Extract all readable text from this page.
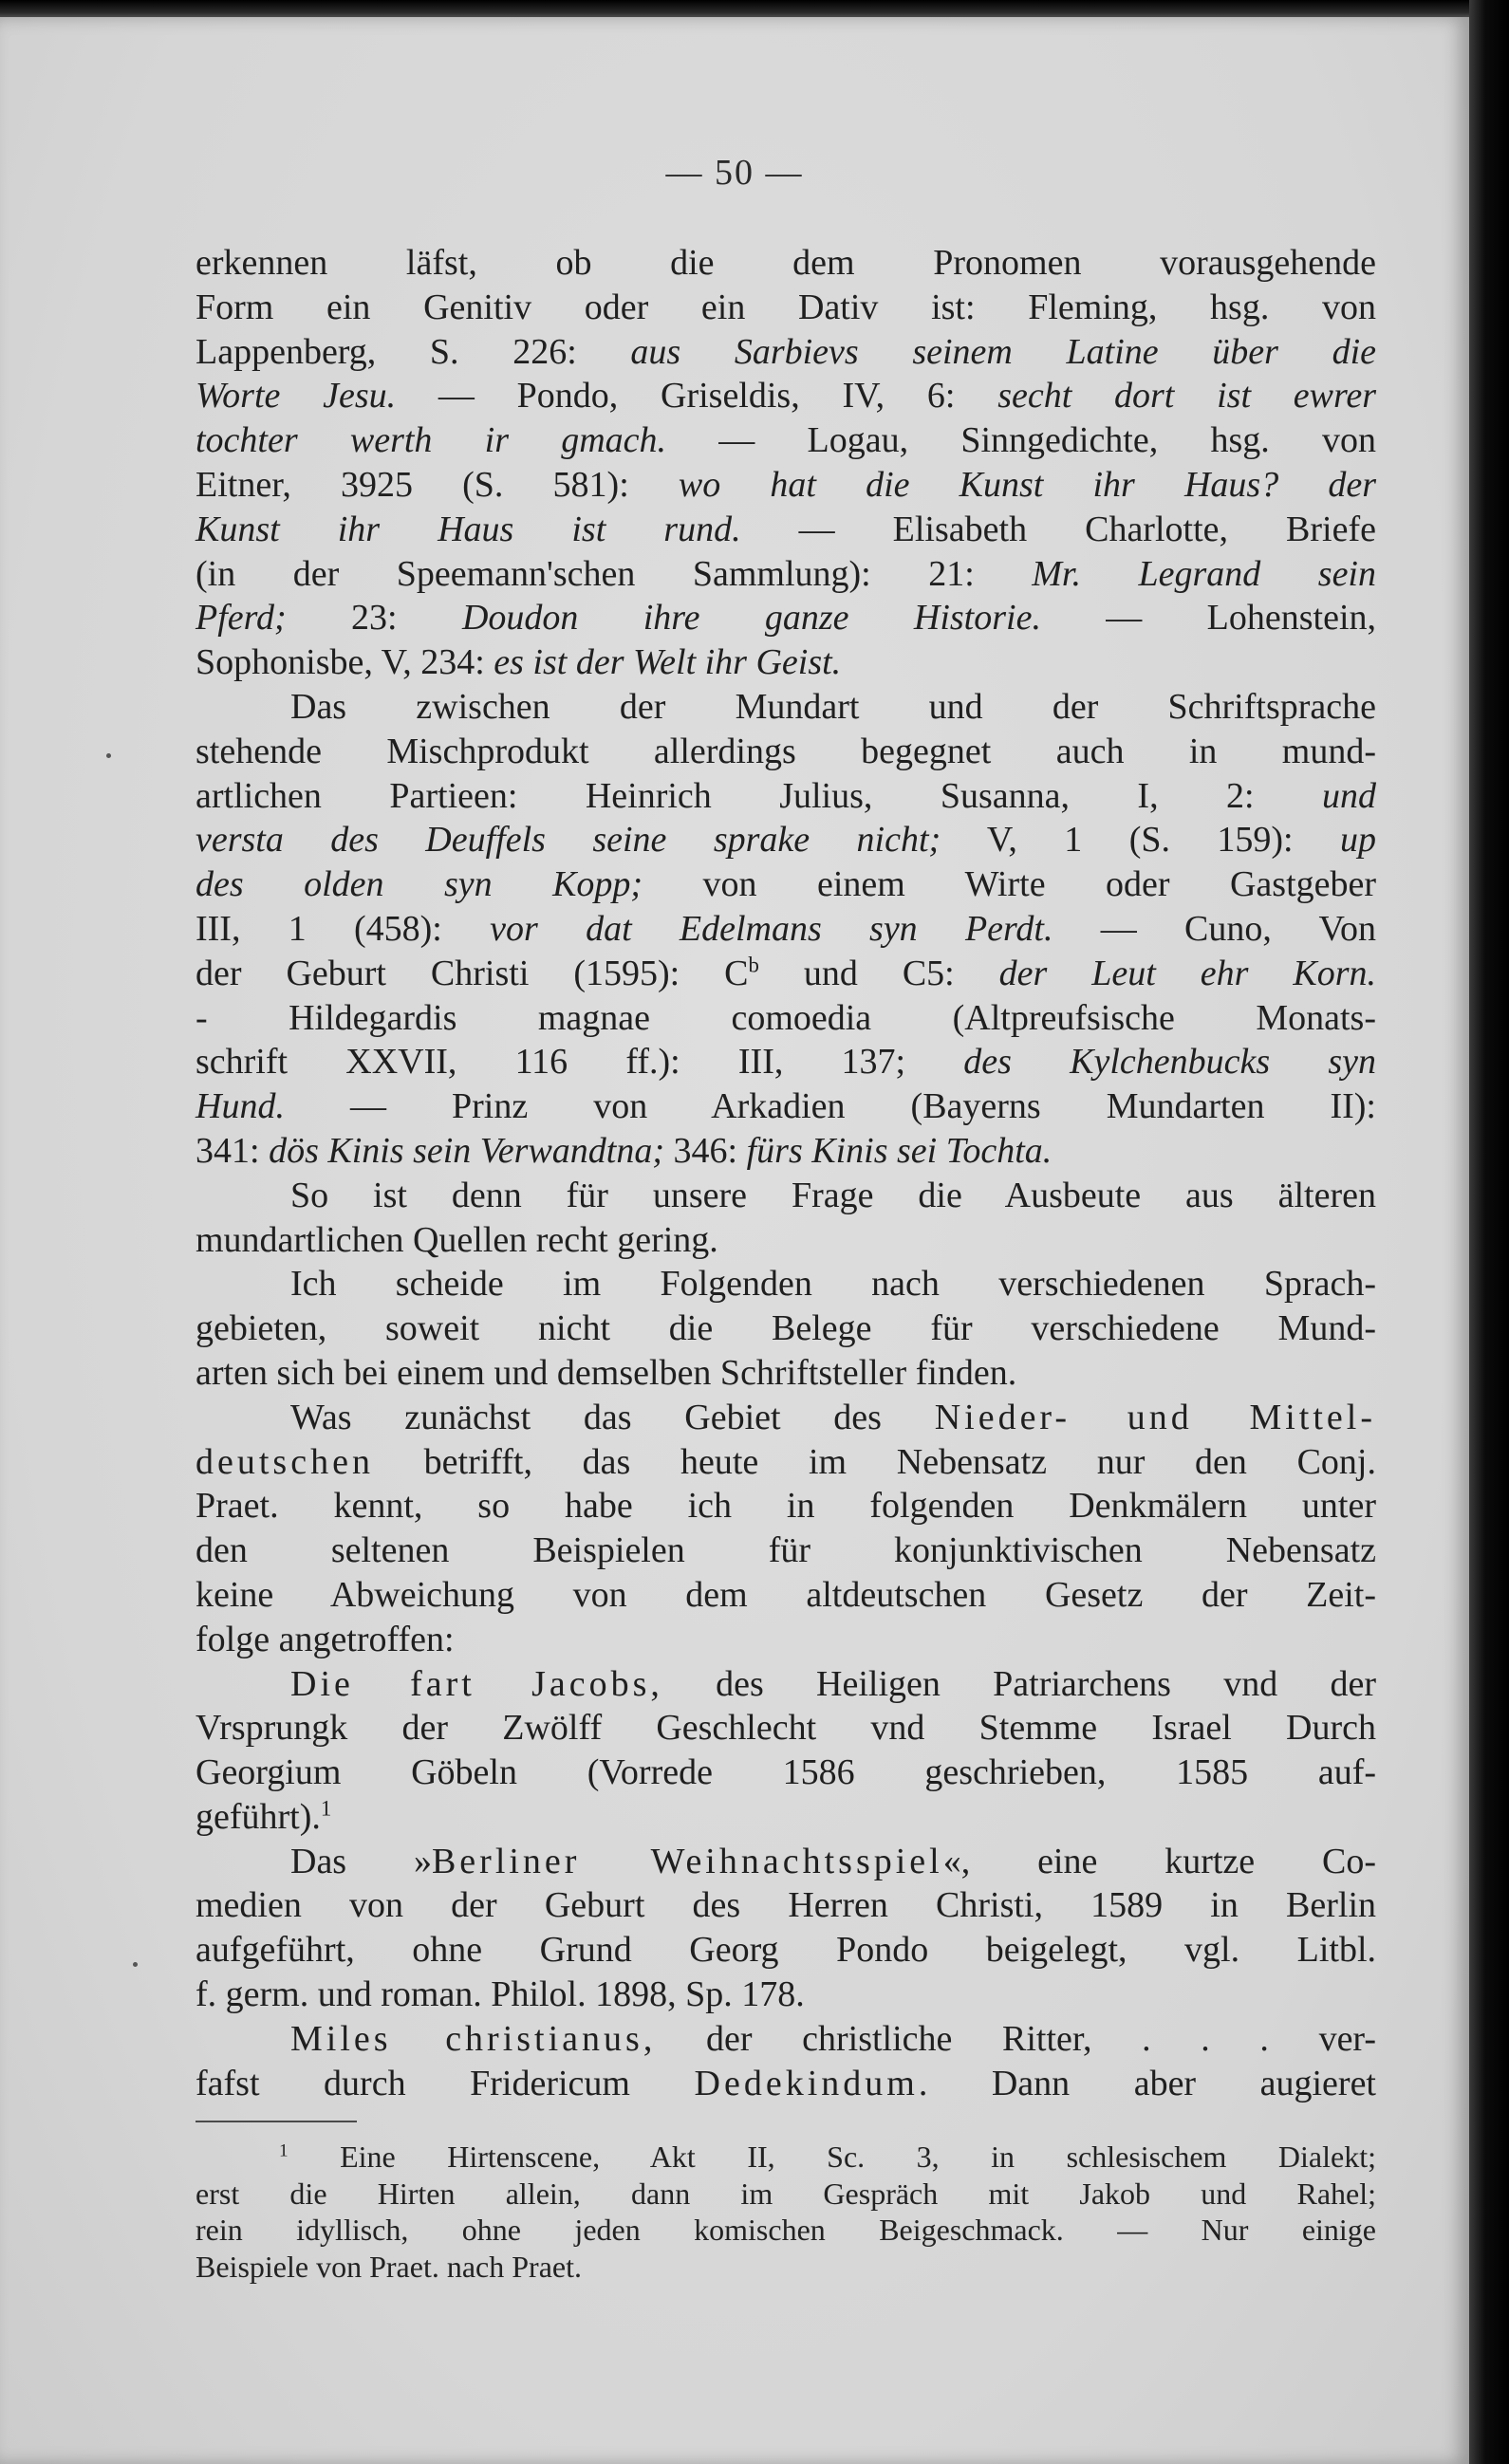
— 50 —
erkennen läfst, ob die dem Pronomen vorausgehende
Form ein Genitiv oder ein Dativ ist: Fleming, hsg. von
Lappenberg, S. 226: aus Sarbievs seinem Latine über die
Worte Jesu. — Pondo, Griseldis, IV, 6: secht dort ist ewrer
tochter werth ir gmach. — Logau, Sinngedichte, hsg. von
Eitner, 3925 (S. 581): wo hat die Kunst ihr Haus? der
Kunst ihr Haus ist rund. — Elisabeth Charlotte, Briefe
(in der Speemann'schen Sammlung): 21: Mr. Legrand sein
Pferd; 23: Doudon ihre ganze Historie. — Lohenstein,
Sophonisbe, V, 234: es ist der Welt ihr Geist.
Das zwischen der Mundart und der Schriftsprache
stehende Mischprodukt allerdings begegnet auch in mund-
artlichen Partieen: Heinrich Julius, Susanna, I, 2: und
versta des Deuffels seine sprake nicht; V, 1 (S. 159): up
des olden syn Kopp; von einem Wirte oder Gastgeber
III, 1 (458): vor dat Edelmans syn Perdt. — Cuno, Von
der Geburt Christi (1595): $C^b$ und C5: der Leut ehr Korn.
- Hildegardis magnae comoedia (Altpreufsische Monats-
schrift XXVII, 116 ff.): III, 137; des Kylchenbucks syn
Hund. — Prinz von Arkadien (Bayerns Mundarten II):
341: dös Kinis sein Verwandtna; 346: fürs Kinis sei Tochta.
So ist denn für unsere Frage die Ausbeute aus älteren
mundartlichen Quellen recht gering.
Ich scheide im Folgenden nach verschiedenen Sprach-
gebieten, soweit nicht die Belege für verschiedene Mund-
arten sich bei einem und demselben Schriftsteller finden.
Was zunächst das Gebiet des Nieder- und Mittel-
deutschen betrifft, das heute im Nebensatz nur den Conj.
Praet. kennt, so habe ich in folgenden Denkmälern unter
den seltenen Beispielen für konjunktivischen Nebensatz
keine Abweichung von dem altdeutschen Gesetz der Zeit-
folge angetroffen:
Die fart Jacobs, des Heiligen Patriarchens vnd der
Vrsprungk der Zwölff Geschlecht vnd Stemme Israel Durch
Georgium Göbeln (Vorrede 1586 geschrieben, 1585 auf-
geführt).$^1$
Das »Berliner Weihnachtsspiel«, eine kurtze Co-
medien von der Geburt des Herren Christi, 1589 in Berlin
aufgeführt, ohne Grund Georg Pondo beigelegt, vgl. Litbl.
f. germ. und roman. Philol. 1898, Sp. 178.
Miles christianus, der christliche Ritter, . . . ver-
fafst durch Fridericum Dedekindum. Dann aber augieret
$^1$ Eine Hirtenscene, Akt II, Sc. 3, in schlesischem Dialekt;
erst die Hirten allein, dann im Gespräch mit Jakob und Rahel;
rein idyllisch, ohne jeden komischen Beigeschmack. — Nur einige
Beispiele von Praet. nach Praet.
